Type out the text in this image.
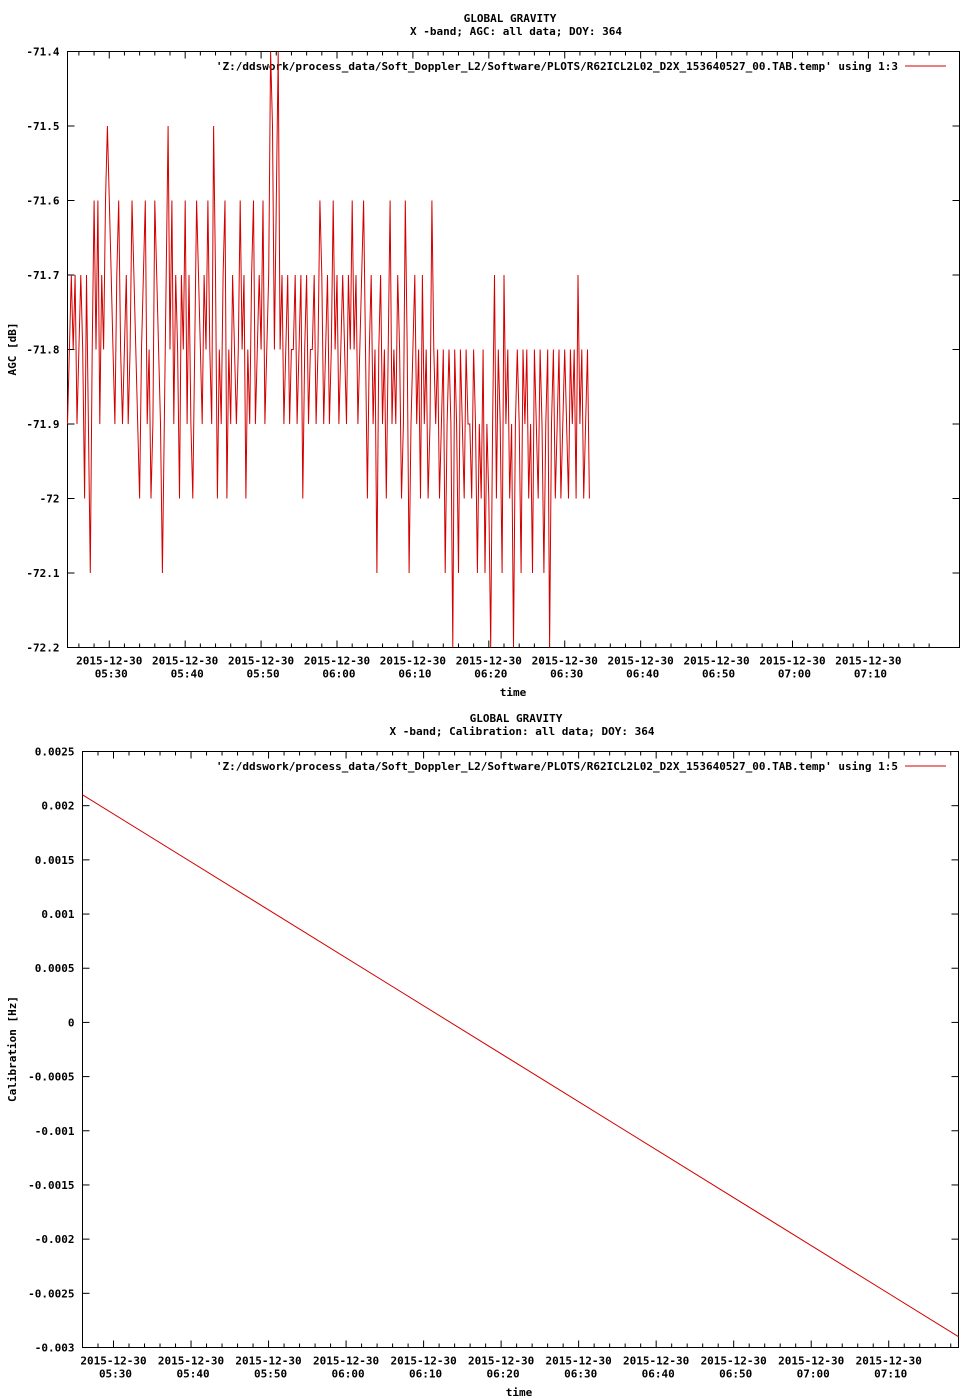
GLOBAL GRAVITY
X -band; AGC: all data; DOY: 364
-71.4
-71.5
-71.6
-71.7
-71.8
-71.9
-72
-72.1
-72.2
2015-12-30
05:30
2015-12-30
05:40
2015-12-30
05:50
2015-12-30
06:00
2015-12-30
06:10
2015-12-30
06:20
2015-12-30
06:30
2015-12-30
06:40
2015-12-30
06:50
2015-12-30
07:00
2015-12-30
07:10
AGC [dB]
time
'Z:/ddswork/process_data/Soft_Doppler_L2/Software/PLOTS/R62ICL2L02_D2X_153640527_00.TAB.temp' using 1:3
GLOBAL GRAVITY
X -band; Calibration: all data; DOY: 364
0.0025
0.002
0.0015
0.001
0.0005
0
-0.0005
-0.001
-0.0015
-0.002
-0.0025
-0.003
2015-12-30
05:30
2015-12-30
05:40
2015-12-30
05:50
2015-12-30
06:00
2015-12-30
06:10
2015-12-30
06:20
2015-12-30
06:30
2015-12-30
06:40
2015-12-30
06:50
2015-12-30
07:00
2015-12-30
07:10
Calibration [Hz]
time
'Z:/ddswork/process_data/Soft_Doppler_L2/Software/PLOTS/R62ICL2L02_D2X_153640527_00.TAB.temp' using 1:5
